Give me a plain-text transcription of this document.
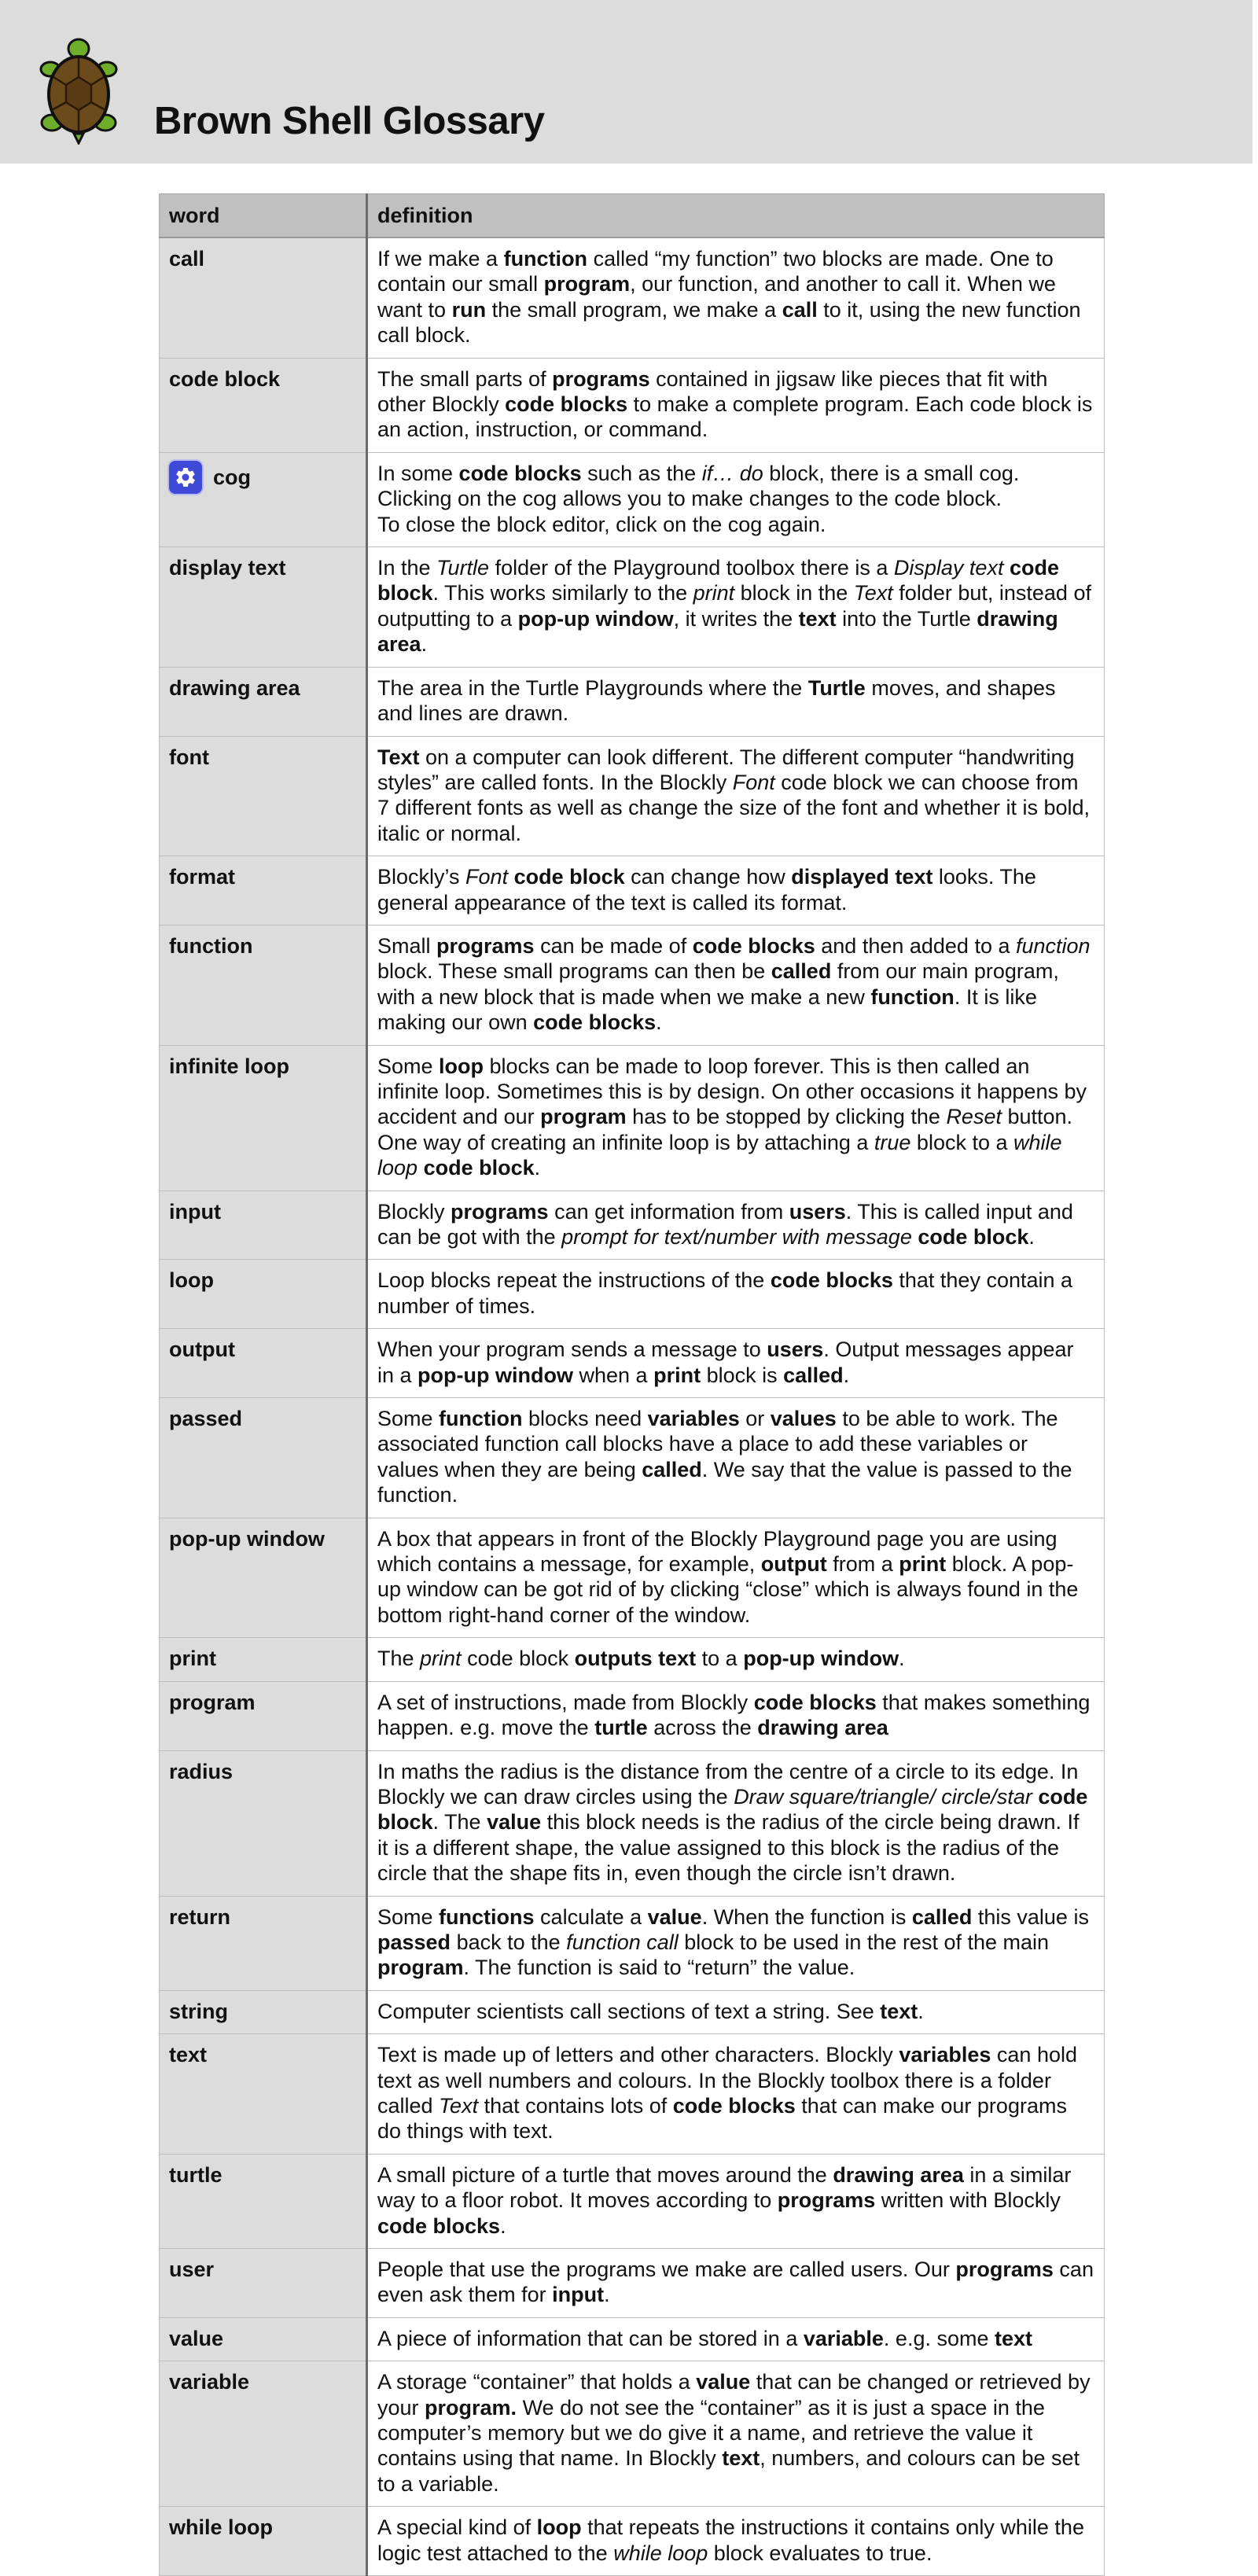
Brown Shell Glossary
word	definition
call	If we make a function called “my function” two blocks are made. One to contain our small program, our function, and another to call it. When we want to run the small program, we make a call to it, using the new function call block.
code block	The small parts of programs contained in jigsaw like pieces that fit with other Blockly code blocks to make a complete program. Each code block is an action, instruction, or command.

cog	In some code blocks such as the if… do block, there is a small cog. Clicking on the cog allows you to make changes to the code block.
To close the block editor, click on the cog again.
display text	In the Turtle folder of the Playground toolbox there is a Display text code block. This works similarly to the print block in the Text folder but, instead of outputting to a pop-up window, it writes the text into the Turtle drawing area.
drawing area	The area in the Turtle Playgrounds where the Turtle moves, and shapes and lines are drawn.
font	Text on a computer can look different. The different computer “handwriting styles” are called fonts. In the Blockly Font code block we can choose from 7 different fonts as well as change the size of the font and whether it is bold, italic or normal.
format	Blockly’s Font code block can change how displayed text looks. The general appearance of the text is called its format.
function	Small programs can be made of code blocks and then added to a function block. These small programs can then be called from our main program, with a new block that is made when we make a new function. It is like making our own code blocks.
infinite loop	Some loop blocks can be made to loop forever. This is then called an infinite loop. Sometimes this is by design. On other occasions it happens by accident and our program has to be stopped by clicking the Reset button. One way of creating an infinite loop is by attaching a true block to a while loop code block.
input	Blockly programs can get information from users. This is called input and can be got with the prompt for text/number with message code block.
loop	Loop blocks repeat the instructions of the code blocks that they contain a number of times.
output	When your program sends a message to users. Output messages appear in a pop-up window when a print block is called.
passed	Some function blocks need variables or values to be able to work. The associated function call blocks have a place to add these variables or values when they are being called. We say that the value is passed to the function.
pop-up window	A box that appears in front of the Blockly Playground page you are using which contains a message, for example, output from a print block. A pop-up window can be got rid of by clicking “close” which is always found in the bottom right-hand corner of the window.
print	The print code block outputs text to a pop-up window.
program	A set of instructions, made from Blockly code blocks that makes something happen. e.g. move the turtle across the drawing area
radius	In maths the radius is the distance from the centre of a circle to its edge. In Blockly we can draw circles using the Draw square/triangle/ circle/star code block. The value this block needs is the radius of the circle being drawn. If it is a different shape, the value assigned to this block is the radius of the circle that the shape fits in, even though the circle isn’t drawn.
return	Some functions calculate a value. When the function is called this value is passed back to the function call block to be used in the rest of the main program. The function is said to “return” the value.
string	Computer scientists call sections of text a string. See text.
text	Text is made up of letters and other characters. Blockly variables can hold text as well numbers and colours. In the Blockly toolbox there is a folder called Text that contains lots of code blocks that can make our programs do things with text.
turtle	A small picture of a turtle that moves around the drawing area in a similar way to a floor robot. It moves according to programs written with Blockly code blocks.
user	People that use the programs we make are called users. Our programs can even ask them for input.
value	A piece of information that can be stored in a variable. e.g. some text
variable	A storage “container” that holds a value that can be changed or retrieved by your program. We do not see the “container” as it is just a space in the computer’s memory but we do give it a name, and retrieve the value it contains using that name. In Blockly text, numbers, and colours can be set to a variable.
while loop	A special kind of loop that repeats the instructions it contains only while the logic test attached to the while loop block evaluates to true.
